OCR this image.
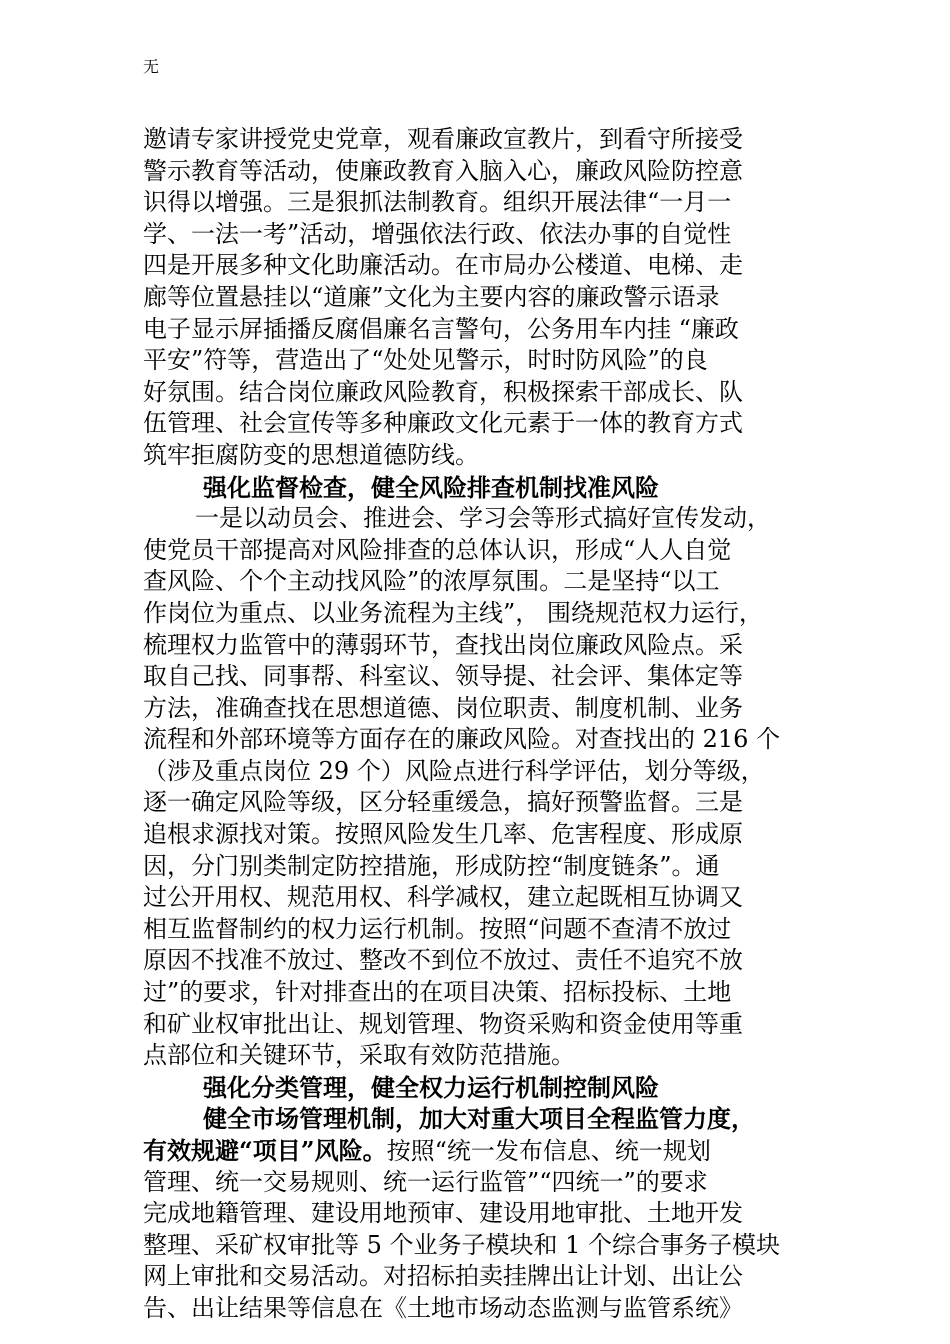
无
邀请专家讲授党史党章，观看廉政宣教片，到看守所接受
警示教育等活动，使廉政教育入脑入心，廉政风险防控意
识得以增强。三是狠抓法制教育。组织开展法律“一月一
学、一法一考”活动，增强依法行政、依法办事的自觉性
四是开展多种文化助廉活动。在市局办公楼道、电梯、走
廊等位置悬挂以“道廉”文化为主要内容的廉政警示语录
电子显示屏插播反腐倡廉名言警句，公务用车内挂 “廉政
平安”符等，营造出了“处处见警示，时时防风险”的良
好氛围。结合岗位廉政风险教育，积极探索干部成长、队
伍管理、社会宣传等多种廉政文化元素于一体的教育方式
筑牢拒腐防变的思想道德防线。
强化监督检查，健全风险排查机制找准风险
一是以动员会、推进会、学习会等形式搞好宣传发动，
使党员干部提高对风险排查的总体认识，形成“人人自觉
查风险、个个主动找风险”的浓厚氛围。二是坚持“以工
作岗位为重点、以业务流程为主线”， 围绕规范权力运行，
梳理权力监管中的薄弱环节，查找出岗位廉政风险点。采
取自己找、同事帮、科室议、领导提、社会评、集体定等
方法，准确查找在思想道德、岗位职责、制度机制、业务
流程和外部环境等方面存在的廉政风险。对查找出的 216 个
（涉及重点岗位 29 个）风险点进行科学评估，划分等级，
逐一确定风险等级，区分轻重缓急，搞好预警监督。三是
追根求源找对策。按照风险发生几率、危害程度、形成原
因，分门别类制定防控措施，形成防控“制度链条”。通
过公开用权、规范用权、科学减权，建立起既相互协调又
相互监督制约的权力运行机制。按照“问题不查清不放过
原因不找准不放过、整改不到位不放过、责任不追究不放
过”的要求，针对排查出的在项目决策、招标投标、土地
和矿业权审批出让、规划管理、物资采购和资金使用等重
点部位和关键环节，采取有效防范措施。
强化分类管理，健全权力运行机制控制风险
健全市场管理机制，加大对重大项目全程监管力度，
有效规避“项目”风险。按照“统一发布信息、统一规划
管理、统一交易规则、统一运行监管”“四统一”的要求
完成地籍管理、建设用地预审、建设用地审批、土地开发
整理、采矿权审批等 5 个业务子模块和 1 个综合事务子模块
网上审批和交易活动。对招标拍卖挂牌出让计划、出让公
告、出让结果等信息在《土地市场动态监测与监管系统》
